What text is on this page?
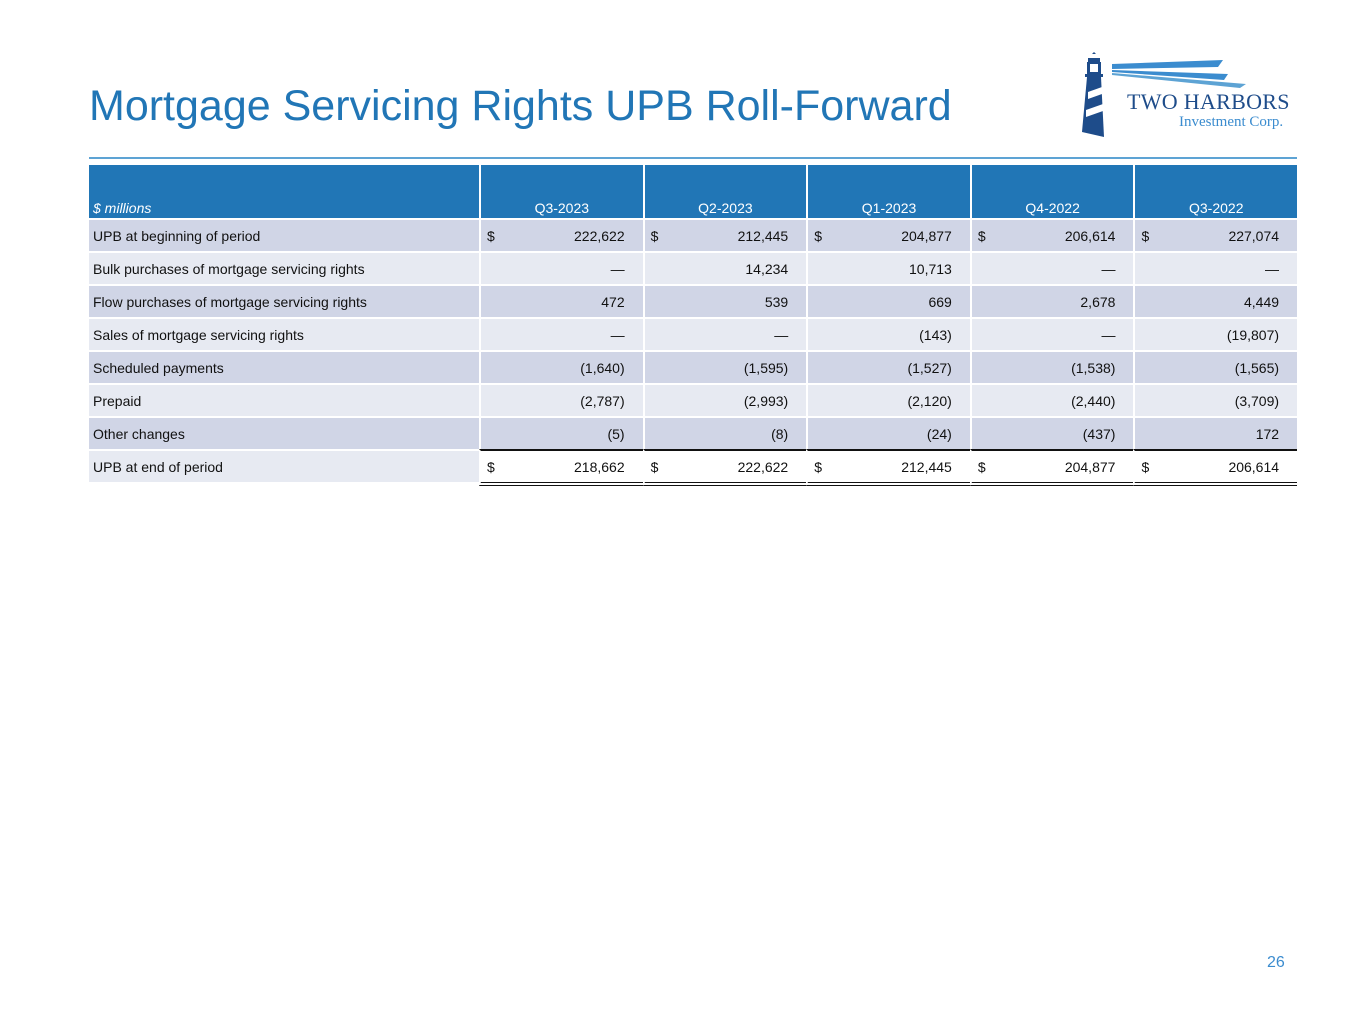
Mortgage Servicing Rights UPB Roll-Forward	TWO HARBORS
Investment Corp.
$ millions	Q3-2023		Q2-2023		Q1-2023		Q4-2022		Q3-2022	
UPB at beginning of period	$	222,622	$	212,445	$	204,877	$	206,614	$	227,074
Bulk purchases of mortgage servicing rights	—		14,234		10,713		—		—	
Flow purchases of mortgage servicing rights	472		539		669		2,678		4,449	
Sales of mortgage servicing rights	—		—		(143)		—		(19,807)	
Scheduled payments	(1,640)		(1,595)		(1,527)		(1,538)		(1,565)	
Prepaid	(2,787)		(2,993)		(2,120)		(2,440)		(3,709)	
Other changes	(5)		(8)		(24)		(437)		172	
UPB at end of period	$	218,662	$	222,622	$	212,445	$	204,877	$	206,614
26
